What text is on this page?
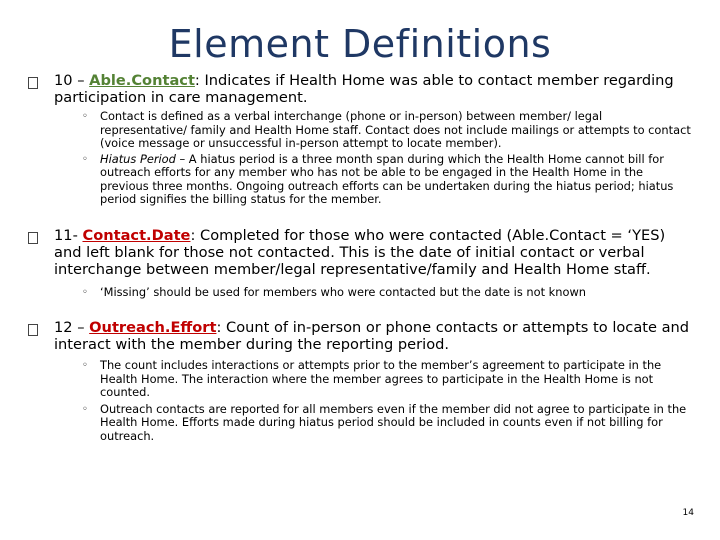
Element Definitions
10 – Able.Contact: Indicates if Health Home was able to contact member regarding participation in care management.
◦ Contact is defined as a verbal interchange (phone or in-person) between member/ legal representative/ family and Health Home staff. Contact does not include mailings or attempts to contact (voice message or unsuccessful in-person attempt to locate member).
◦ Hiatus Period – A hiatus period is a three month span during which the Health Home cannot bill for outreach efforts for any member who has not be able to be engaged in the Health Home in the previous three months. Ongoing outreach efforts can be undertaken during the hiatus period; hiatus period signifies the billing status for the member.
11- Contact.Date: Completed for those who were contacted (Able.Contact = ‘YES) and left blank for those not contacted. This is the date of initial contact or verbal interchange between member/legal representative/family and Health Home staff.
◦ ‘Missing’ should be used for members who were contacted but the date is not known
12 – Outreach.Effort: Count of in-person or phone contacts or attempts to locate and interact with the member during the reporting period.
◦ The count includes interactions or attempts prior to the member’s agreement to participate in the Health Home. The interaction where the member agrees to participate in the Health Home is not counted.
◦ Outreach contacts are reported for all members even if the member did not agree to participate in the Health Home. Efforts made during hiatus period should be included in counts even if not billing for outreach.
14
